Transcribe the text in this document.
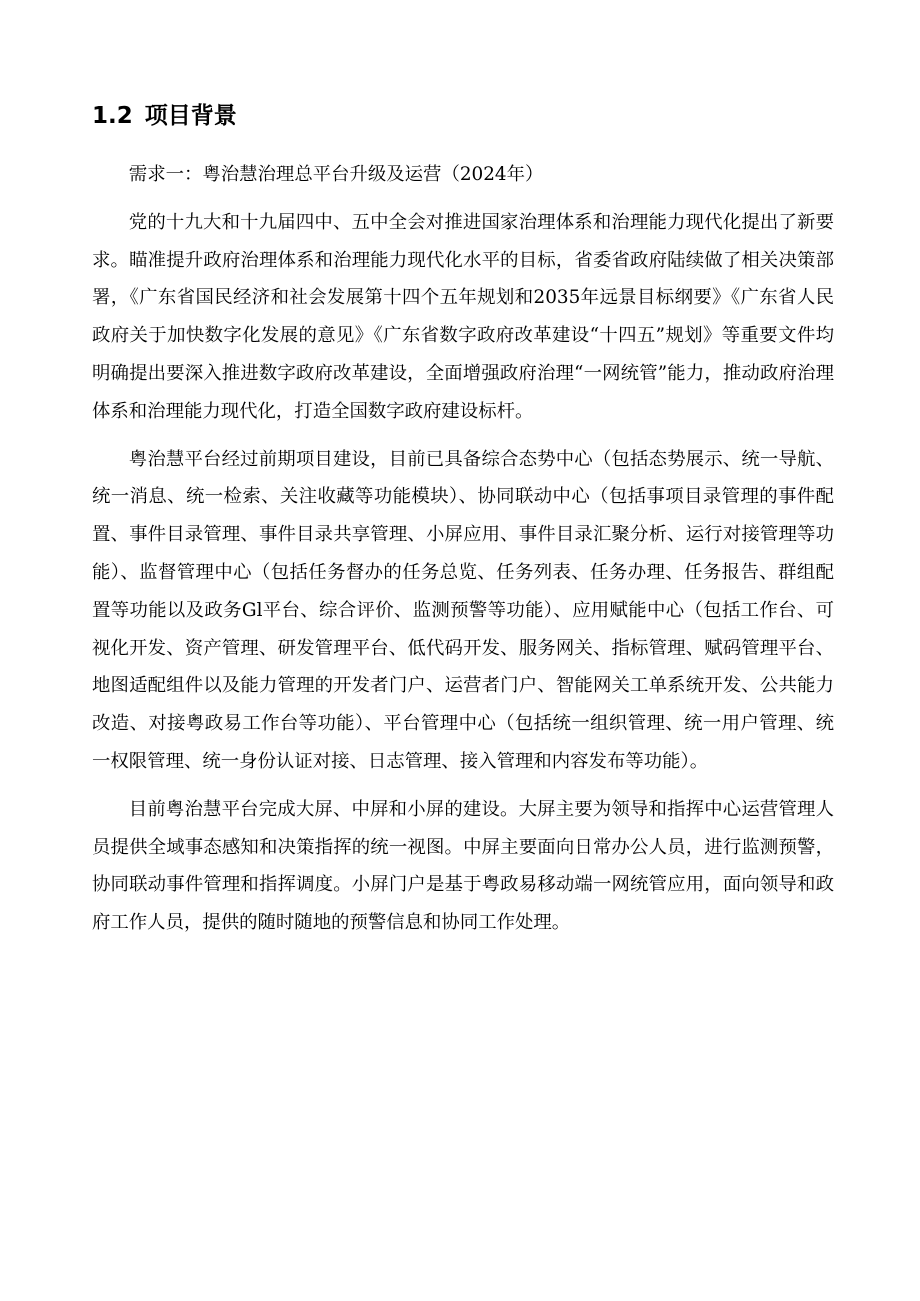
1.2 项目背景

需求一：粤治慧治理总平台升级及运营（2024年）

党的十九大和十九届四中、五中全会对推进国家治理体系和治理能力现代化提出了新要求。瞄准提升政府治理体系和治理能力现代化水平的目标，省委省政府陆续做了相关决策部署，《广东省国民经济和社会发展第十四个五年规划和2035年远景目标纲要》《广东省人民政府关于加快数字化发展的意见》《广东省数字政府改革建设“十四五”规划》等重要文件均明确提出要深入推进数字政府改革建设，全面增强政府治理“一网统管”能力，推动政府治理体系和治理能力现代化，打造全国数字政府建设标杆。

粤治慧平台经过前期项目建设，目前已具备综合态势中心（包括态势展示、统一导航、统一消息、统一检索、关注收藏等功能模块）、协同联动中心（包括事项目录管理的事件配置、事件目录管理、事件目录共享管理、小屏应用、事件目录汇聚分析、运行对接管理等功能）、监督管理中心（包括任务督办的任务总览、任务列表、任务办理、任务报告、群组配置等功能以及政务Gl平台、综合评价、监测预警等功能）、应用赋能中心（包括工作台、可视化开发、资产管理、研发管理平台、低代码开发、服务网关、指标管理、赋码管理平台、地图适配组件以及能力管理的开发者门户、运营者门户、智能网关工单系统开发、公共能力改造、对接粤政易工作台等功能）、平台管理中心（包括统一组织管理、统一用户管理、统一权限管理、统一身份认证对接、日志管理、接入管理和内容发布等功能）。

目前粤治慧平台完成大屏、中屏和小屏的建设。大屏主要为领导和指挥中心运营管理人员提供全域事态感知和决策指挥的统一视图。中屏主要面向日常办公人员，进行监测预警，协同联动事件管理和指挥调度。小屏门户是基于粤政易移动端一网统管应用，面向领导和政府工作人员，提供的随时随地的预警信息和协同工作处理。
